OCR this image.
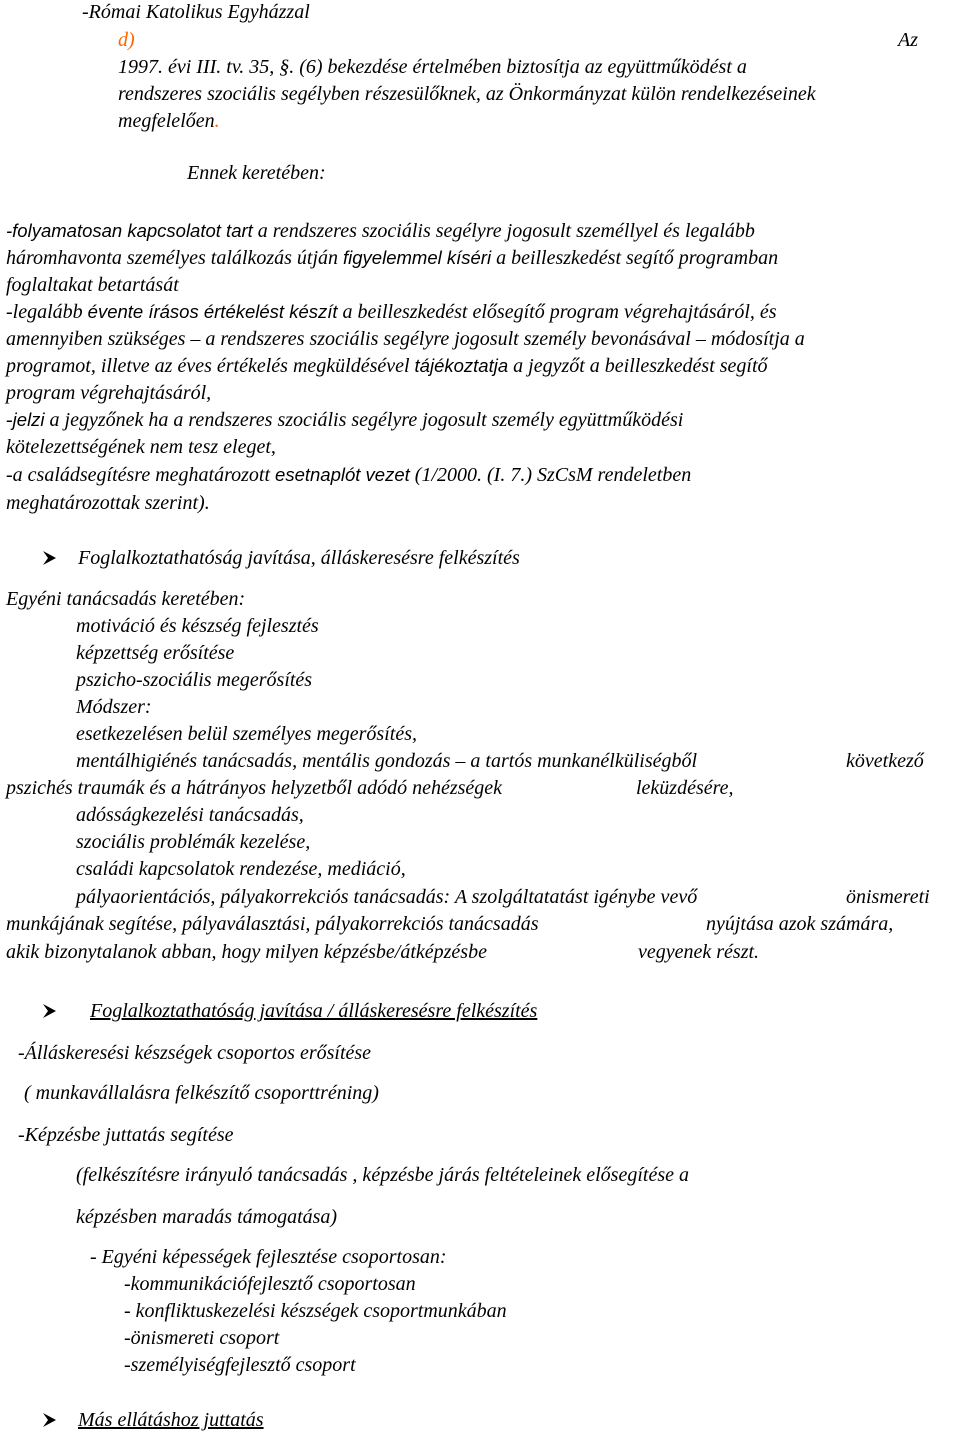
-Római Katolikus Egyházzal
d)	Az
1997. évi III. tv. 35, §. (6) bekezdése értelmében biztosítja az együttműködést a
rendszeres szociális segélyben részesülőknek, az Önkormányzat külön rendelkezéseinek
megfelelően.
Ennek keretében:
-folyamatosan kapcsolatot tart a rendszeres szociális segélyre jogosult személlyel és legalább
háromhavonta személyes találkozás útján figyelemmel kíséri a beilleszkedést segítő programban
foglaltakat betartását
-legalább évente írásos értékelést készít a beilleszkedést elősegítő program végrehajtásáról, és
amennyiben szükséges – a rendszeres szociális segélyre jogosult személy bevonásával – módosítja a
programot, illetve az éves értékelés megküldésével tájékoztatja a jegyzőt a beilleszkedést segítő
program végrehajtásáról,
-jelzi a jegyzőnek ha a rendszeres szociális segélyre jogosult személy együttműködési
kötelezettségének nem tesz eleget,
-a családsegítésre meghatározott esetnaplót vezet (1/2000. (I. 7.) SzCsM rendeletben
meghatározottak szerint).
Foglalkoztathatóság javítása, álláskeresésre felkészítés
Egyéni tanácsadás keretében:
motiváció és készség fejlesztés
képzettség erősítése
pszicho-szociális megerősítés
Módszer:
esetkezelésen belül személyes megerősítés,
mentálhigiénés tanácsadás, mentális gondozás – a tartós munkanélküliségből	következő
pszichés traumák és a hátrányos helyzetből adódó nehézségek	leküzdésére,
adósságkezelési tanácsadás,
szociális problémák kezelése,
családi kapcsolatok rendezése, mediáció,
pályaorientációs, pályakorrekciós tanácsadás: A szolgáltatatást igénybe vevő	önismereti
munkájának segítése, pályaválasztási, pályakorrekciós tanácsadás	nyújtása azok számára,
akik bizonytalanok abban, hogy milyen képzésbe/átképzésbe	vegyenek részt.
Foglalkoztathatóság javítása / álláskeresésre felkészítés
-Álláskeresési készségek csoportos erősítése
( munkavállalásra felkészítő csoporttréning)
-Képzésbe juttatás segítése
(felkészítésre irányuló tanácsadás , képzésbe járás feltételeinek elősegítése a
képzésben maradás támogatása)
- Egyéni képességek fejlesztése csoportosan:
-kommunikációfejlesztő csoportosan
- konfliktuskezelési készségek csoportmunkában
-önismereti csoport
-személyiségfejlesztő csoport
Más ellátáshoz juttatás
